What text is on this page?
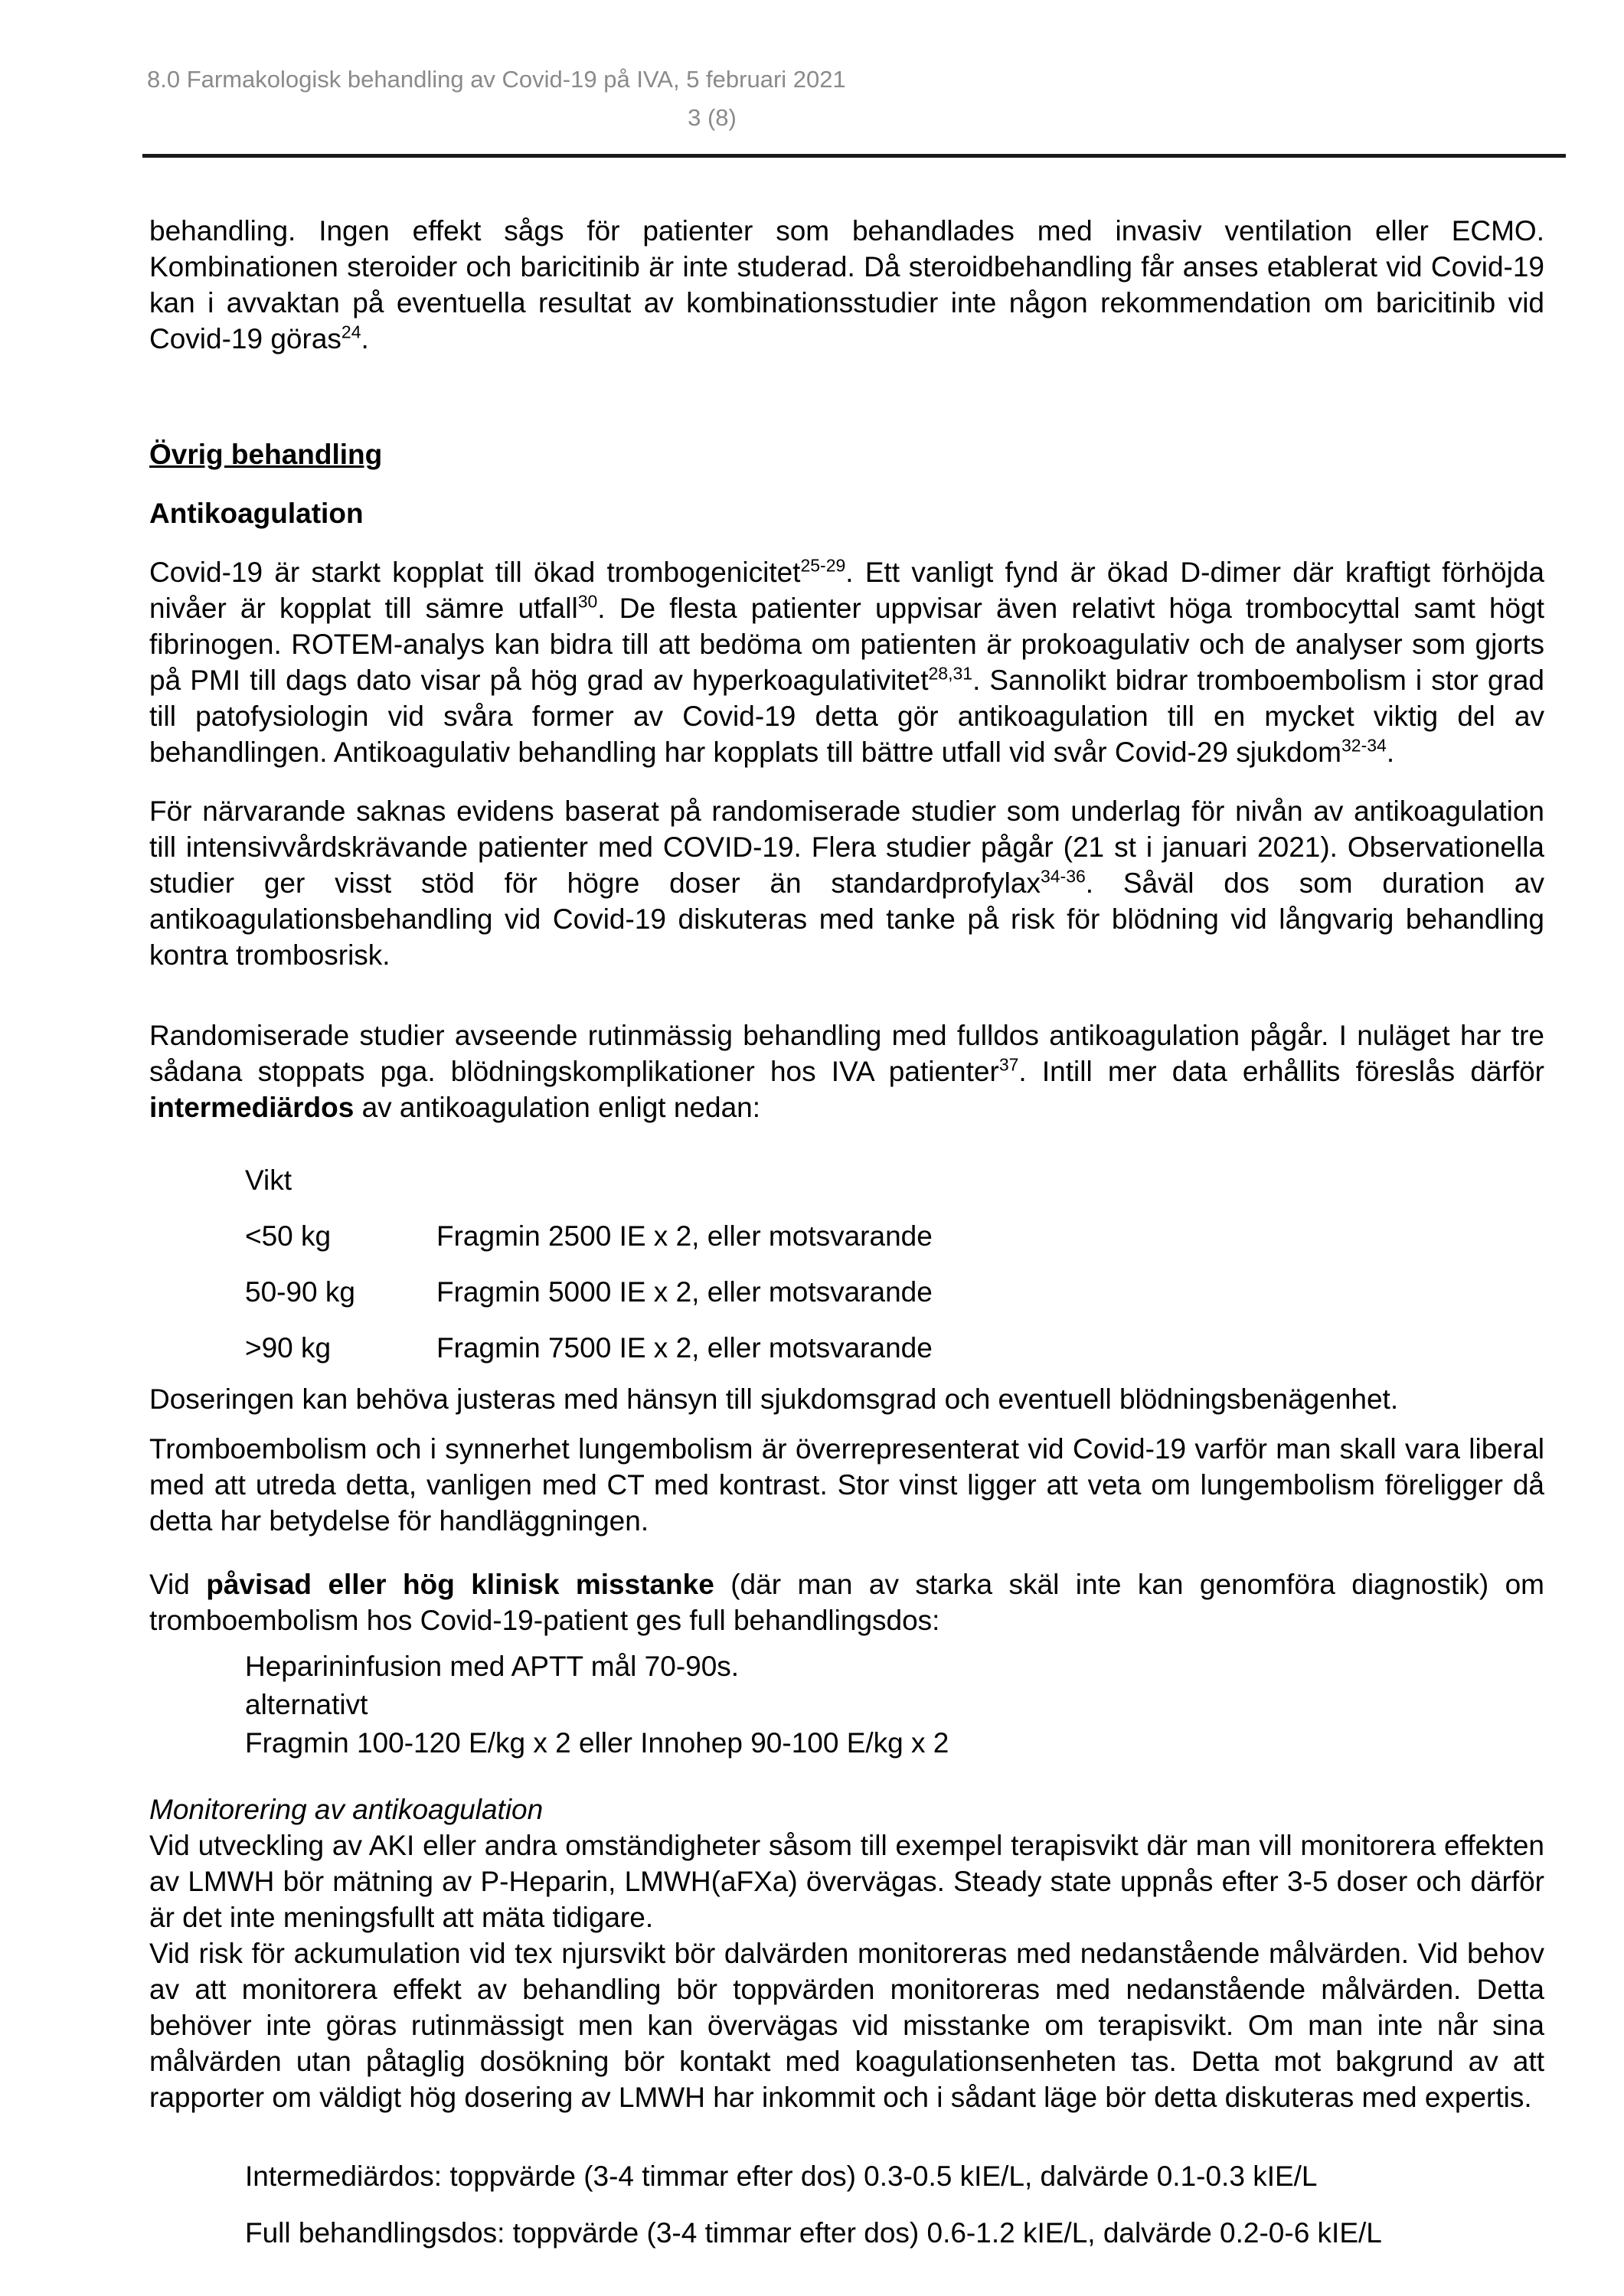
8.0 Farmakologisk behandling av Covid-19 på IVA, 5 februari 2021
3 (8)

behandling. Ingen effekt sågs för patienter som behandlades med invasiv ventilation eller ECMO. Kombinationen steroider och baricitinib är inte studerad. Då steroidbehandling får anses etablerat vid Covid-19 kan i avvaktan på eventuella resultat av kombinationsstudier inte någon rekommendation om baricitinib vid Covid-19 göras$^{24}$.

Övrig behandling

Antikoagulation

Covid-19 är starkt kopplat till ökad trombogenicitet$^{25-29}$. Ett vanligt fynd är ökad D-dimer där kraftigt förhöjda nivåer är kopplat till sämre utfall$^{30}$. De flesta patienter uppvisar även relativt höga trombocyttal samt högt fibrinogen. ROTEM-analys kan bidra till att bedöma om patienten är prokoagulativ och de analyser som gjorts på PMI till dags dato visar på hög grad av hyperkoagulativitet$^{28,31}$. Sannolikt bidrar tromboembolism i stor grad till patofysiologin vid svåra former av Covid-19 detta gör antikoagulation till en mycket viktig del av behandlingen. Antikoagulativ behandling har kopplats till bättre utfall vid svår Covid-29 sjukdom$^{32-34}$.

För närvarande saknas evidens baserat på randomiserade studier som underlag för nivån av antikoagulation till intensivvårdskrävande patienter med COVID-19. Flera studier pågår (21 st i januari 2021). Observationella studier ger visst stöd för högre doser än standardprofylax$^{34-36}$. Såväl dos som duration av antikoagulationsbehandling vid Covid-19 diskuteras med tanke på risk för blödning vid långvarig behandling kontra trombosrisk.

Randomiserade studier avseende rutinmässig behandling med fulldos antikoagulation pågår. I nuläget har tre sådana stoppats pga. blödningskomplikationer hos IVA patienter$^{37}$. Intill mer data erhållits föreslås därför intermediärdos av antikoagulation enligt nedan:

Vikt
<50 kg	Fragmin 2500 IE x 2, eller motsvarande
50-90 kg	Fragmin 5000 IE x 2, eller motsvarande
>90 kg	Fragmin 7500 IE x 2, eller motsvarande

Doseringen kan behöva justeras med hänsyn till sjukdomsgrad och eventuell blödningsbenägenhet.

Tromboembolism och i synnerhet lungembolism är överrepresenterat vid Covid-19 varför man skall vara liberal med att utreda detta, vanligen med CT med kontrast. Stor vinst ligger att veta om lungembolism föreligger då detta har betydelse för handläggningen.

Vid påvisad eller hög klinisk misstanke (där man av starka skäl inte kan genomföra diagnostik) om tromboembolism hos Covid-19-patient ges full behandlingsdos:

Heparininfusion med APTT mål 70-90s.
alternativt
Fragmin 100-120 E/kg x 2 eller Innohep 90-100 E/kg x 2

Monitorering av antikoagulation

Vid utveckling av AKI eller andra omständigheter såsom till exempel terapisvikt där man vill monitorera effekten av LMWH bör mätning av P-Heparin, LMWH(aFXa) övervägas. Steady state uppnås efter 3-5 doser och därför är det inte meningsfullt att mäta tidigare.

Vid risk för ackumulation vid tex njursvikt bör dalvärden monitoreras med nedanstående målvärden. Vid behov av att monitorera effekt av behandling bör toppvärden monitoreras med nedanstående målvärden. Detta behöver inte göras rutinmässigt men kan övervägas vid misstanke om terapisvikt. Om man inte når sina målvärden utan påtaglig dosökning bör kontakt med koagulationsenheten tas. Detta mot bakgrund av att rapporter om väldigt hög dosering av LMWH har inkommit och i sådant läge bör detta diskuteras med expertis.

Intermediärdos: toppvärde (3-4 timmar efter dos) 0.3-0.5 kIE/L, dalvärde 0.1-0.3 kIE/L
Full behandlingsdos: toppvärde (3-4 timmar efter dos) 0.6-1.2 kIE/L, dalvärde 0.2-0-6 kIE/L
